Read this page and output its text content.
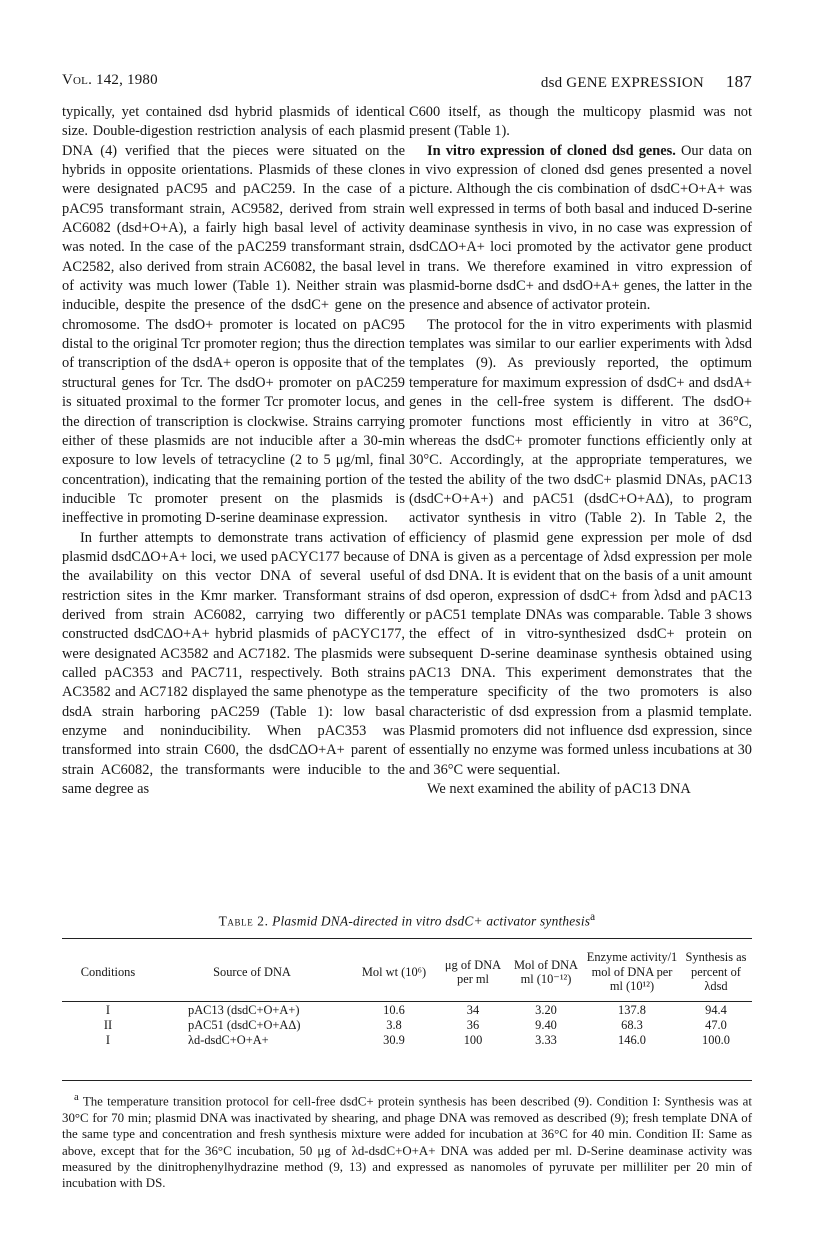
Vol. 142, 1980	dsd GENE EXPRESSION 187

typically, yet contained dsd hybrid plasmids of identical size. Double-digestion restriction analysis of each plasmid DNA (4) verified that the pieces were situated on the hybrids in opposite orientations. Plasmids of these clones were designated pAC95 and pAC259. In the case of a pAC95 transformant strain, AC9582, derived from strain AC6082 (dsd+O+A), a fairly high basal level of activity was noted. In the case of the pAC259 transformant strain, AC2582, also derived from strain AC6082, the basal level of activity was much lower (Table 1). Neither strain was inducible, despite the presence of the dsdC+ gene on the chromosome. The dsdO+ promoter is located on pAC95 distal to the original Tcr promoter region; thus the direction of transcription of the dsdA+ operon is opposite that of the structural genes for Tcr. The dsdO+ promoter on pAC259 is situated proximal to the former Tcr promoter locus, and the direction of transcription is clockwise. Strains carrying either of these plasmids are not inducible after a 30-min exposure to low levels of tetracycline (2 to 5 μg/ml, final concentration), indicating that the remaining portion of the inducible Tc promoter present on the plasmids is ineffective in promoting D-serine deaminase expression.

In further attempts to demonstrate trans activation of plasmid dsdCΔO+A+ loci, we used pACYC177 because of the availability on this vector DNA of several useful restriction sites in the Kmr marker. Transformant strains derived from strain AC6082, carrying two differently constructed dsdCΔO+A+ hybrid plasmids of pACYC177, were designated AC3582 and AC7182. The plasmids were called pAC353 and PAC711, respectively. Both strains AC3582 and AC7182 displayed the same phenotype as the dsdA strain harboring pAC259 (Table 1): low basal enzyme and noninducibility. When pAC353 was transformed into strain C600, the dsdCΔO+A+ parent of strain AC6082, the transformants were inducible to the same degree as

C600 itself, as though the multicopy plasmid was not present (Table 1).

In vitro expression of cloned dsd genes. Our data on in vivo expression of cloned dsd genes presented a novel picture. Although the cis combination of dsdC+O+A+ was well expressed in terms of both basal and induced D-serine deaminase synthesis in vivo, in no case was expression of dsdCΔO+A+ loci promoted by the activator gene product in trans. We therefore examined in vitro expression of plasmid-borne dsdC+ and dsdO+A+ genes, the latter in the presence and absence of activator protein.

The protocol for the in vitro experiments with plasmid templates was similar to our earlier experiments with λdsd templates (9). As previously reported, the optimum temperature for maximum expression of dsdC+ and dsdA+ genes in the cell-free system is different. The dsdO+ promoter functions most efficiently in vitro at 36°C, whereas the dsdC+ promoter functions efficiently only at 30°C. Accordingly, at the appropriate temperatures, we tested the ability of the two dsdC+ plasmid DNAs, pAC13 (dsdC+O+A+) and pAC51 (dsdC+O+AΔ), to program activator synthesis in vitro (Table 2). In Table 2, the efficiency of plasmid gene expression per mole of dsd DNA is given as a percentage of λdsd expression per mole of dsd DNA. It is evident that on the basis of a unit amount of dsd operon, expression of dsdC+ from λdsd and pAC13 or pAC51 template DNAs was comparable. Table 3 shows the effect of in vitro-synthesized dsdC+ protein on subsequent D-serine deaminase synthesis obtained using pAC13 DNA. This experiment demonstrates that the temperature specificity of the two promoters is also characteristic of dsd expression from a plasmid template. Plasmid promoters did not influence dsd expression, since essentially no enzyme was formed unless incubations at 30 and 36°C were sequential.

We next examined the ability of pAC13 DNA

Table 2. Plasmid DNA-directed in vitro dsdC+ activator synthesis$^a$
Conditions	Source of DNA	Mol wt (10⁶)	μg of DNA per ml	Mol of DNA ml (10⁻¹²)	Enzyme activity/1 mol of DNA per ml (10¹²)	Synthesis as percent of λdsd

I	pAC13 (dsdC+O+A+)	10.6	34	3.20	137.8	94.4
II	pAC51 (dsdC+O+AΔ)	3.8	36	9.40	68.3	47.0
I	λd-dsdC+O+A+	30.9	100	3.33	146.0	100.0
$^a$ The temperature transition protocol for cell-free dsdC+ protein synthesis has been described (9). Condition I: Synthesis was at 30°C for 70 min; plasmid DNA was inactivated by shearing, and phage DNA was removed as described (9); fresh template DNA of the same type and concentration and fresh synthesis mixture were added for incubation at 36°C for 40 min. Condition II: Same as above, except that for the 36°C incubation, 50 μg of λd-dsdC+O+A+ DNA was added per ml. D-Serine deaminase activity was measured by the dinitrophenylhydrazine method (9, 13) and expressed as nanomoles of pyruvate per milliliter per 20 min of incubation with DS.
